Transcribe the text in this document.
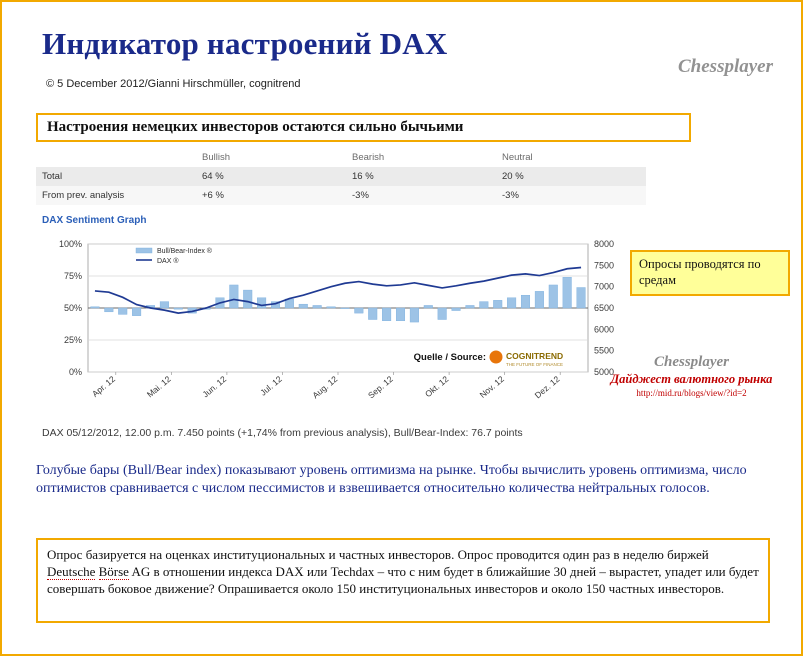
Индикатор настроений DAX
© 5 December 2012/Gianni Hirschmüller, cognitrend
Chessplayer
Настроения немецких инвесторов остаются сильно бычьими
	Bullish	Bearish	Neutral
Total	64 %	16 %	20 %
From prev. analysis	+6 %	-3%	-3%
DAX Sentiment Graph
0%
25%
50%
75%
100%
5000
5500
6000
6500
7000
7500
8000
Apr. 12	Mai. 12	Jun. 12	Jul. 12	Aug. 12	Sep. 12	Okt. 12	Nov. 12	Dez. 12
Bull/Bear-Index ®
DAX ®
Quelle / Source: COGNITREND
THE FUTURE OF FINANCE
DAX 05/12/2012, 12.00 p.m. 7.450 points (+1,74% from previous analysis), Bull/Bear-Index: 76.7 points
Опросы проводятся по средам
Chessplayer
Дайджест валютного рынка
http://mid.ru/blogs/view/?id=2
Голубые бары (Bull/Bear index) показывают уровень оптимизма на рынке. Чтобы вычислить уровень оптимизма, число оптимистов сравнивается с числом пессимистов и взвешивается относительно количества нейтральных голосов.
Опрос базируется на оценках институциональных и частных инвесторов. Опрос проводится один раз в неделю биржей Deutsche Börse AG в отношении индекса DAX или Techdax – что с ним будет в ближайшие 30 дней – вырастет, упадет или будет совершать боковое движение? Опрашивается около 150 институциональных инвесторов и около 150 частных инвесторов.
